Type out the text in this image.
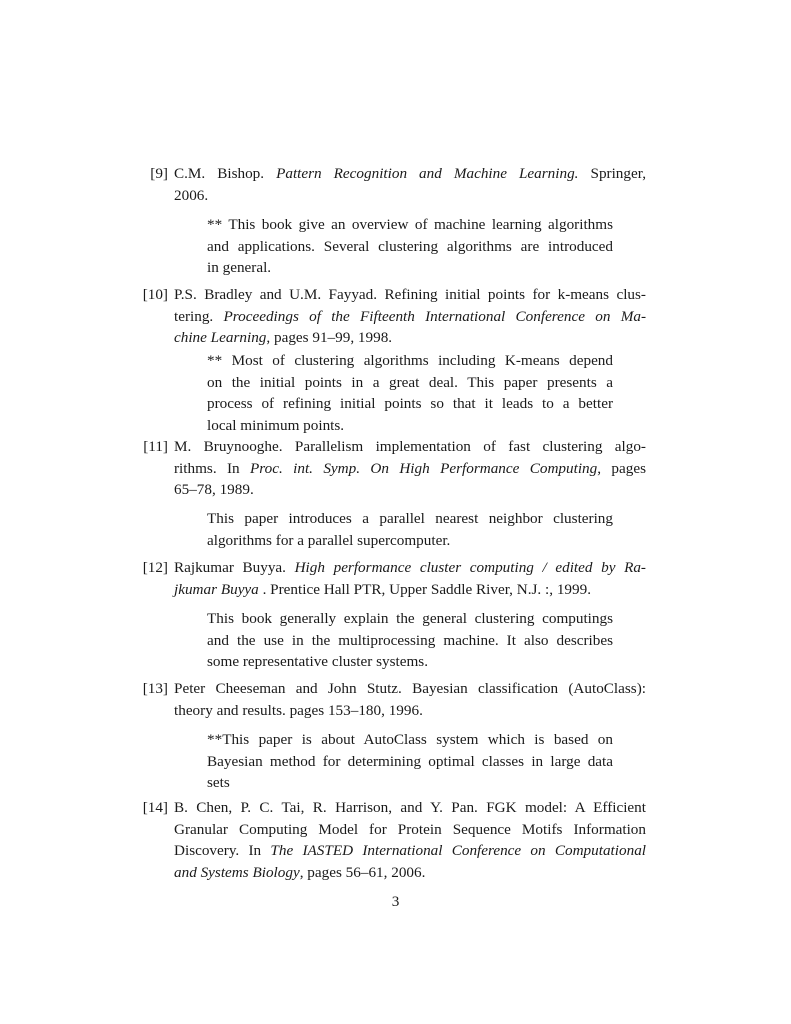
[9] C.M. Bishop. Pattern Recognition and Machine Learning. Springer,
2006.
** This book give an overview of machine learning algorithms
and applications. Several clustering algorithms are introduced
in general.
[10] P.S. Bradley and U.M. Fayyad. Refining initial points for k-means clus-
tering. Proceedings of the Fifteenth International Conference on Ma-
chine Learning, pages 91–99, 1998.
** Most of clustering algorithms including K-means depend
on the initial points in a great deal. This paper presents a
process of refining initial points so that it leads to a better
local minimum points.
[11] M. Bruynooghe. Parallelism implementation of fast clustering algo-
rithms. In Proc. int. Symp. On High Performance Computing, pages
65–78, 1989.
This paper introduces a parallel nearest neighbor clustering
algorithms for a parallel supercomputer.
[12] Rajkumar Buyya. High performance cluster computing / edited by Ra-
jkumar Buyya . Prentice Hall PTR, Upper Saddle River, N.J. :, 1999.
This book generally explain the general clustering computings
and the use in the multiprocessing machine. It also describes
some representative cluster systems.
[13] Peter Cheeseman and John Stutz. Bayesian classification (AutoClass):
theory and results. pages 153–180, 1996.
**This paper is about AutoClass system which is based on
Bayesian method for determining optimal classes in large data
sets
[14] B. Chen, P. C. Tai, R. Harrison, and Y. Pan. FGK model: A Efficient
Granular Computing Model for Protein Sequence Motifs Information
Discovery. In The IASTED International Conference on Computational
and Systems Biology, pages 56–61, 2006.
3
